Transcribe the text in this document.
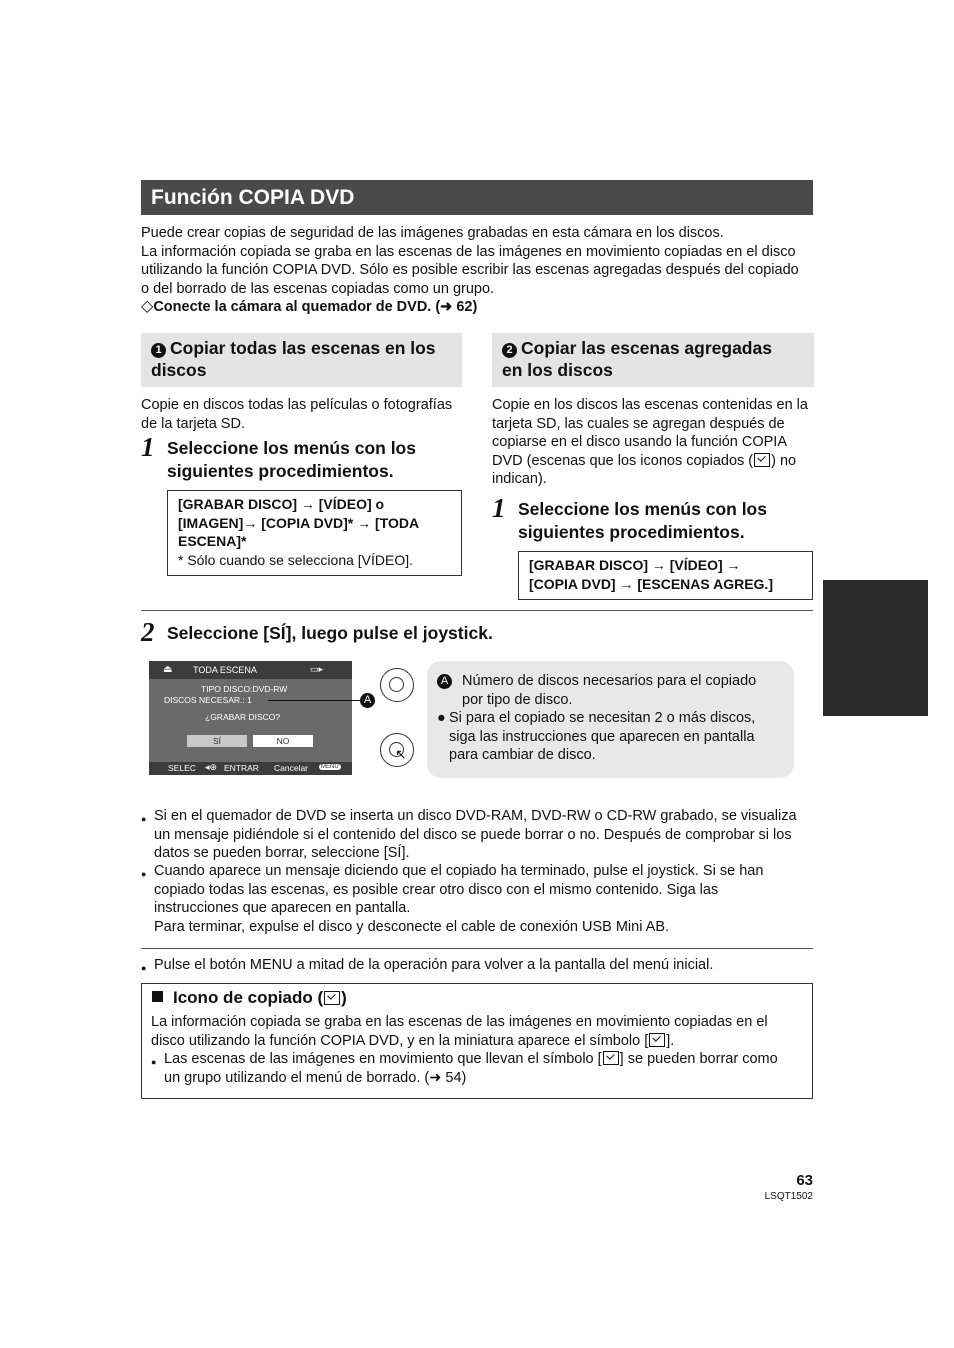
Función COPIA DVD
Puede crear copias de seguridad de las imágenes grabadas en esta cámara en los discos.
La información copiada se graba en las escenas de las imágenes en movimiento copiadas en el disco
utilizando la función COPIA DVD. Sólo es posible escribir las escenas agregadas después del copiado
o del borrado de las escenas copiadas como un grupo.
◇Conecte la cámara al quemador de DVD. (➜ 62)
1 Copiar todas las escenas en los
discos
Copie en discos todas las películas o fotografías
de la tarjeta SD.
1 Seleccione los menús con los
siguientes procedimientos.
[GRABAR DISCO] → [VÍDEO] o
[IMAGEN]→ [COPIA DVD]* → [TODA
ESCENA]*
* Sólo cuando se selecciona [VÍDEO].
2 Copiar las escenas agregadas
en los discos
Copie en los discos las escenas contenidas en la
tarjeta SD, las cuales se agregan después de
copiarse en el disco usando la función COPIA
DVD (escenas que los iconos copiados ( ) no
indican).
1 Seleccione los menús con los
siguientes procedimientos.
[GRABAR DISCO] → [VÍDEO] →
[COPIA DVD] → [ESCENAS AGREG.]
2 Seleccione [SÍ], luego pulse el joystick.
⏏ TODA ESCENA	▭▸
TIPO DISCO:DVD-RW
DISCOS NECESAR.: 1
¿GRABAR DISCO?
SÍ	NO
SELEC ◂⊕ ENTRAR Cancelar	MENU
A
↖
A Número de discos necesarios para el copiado
por tipo de disco.
● Si para el copiado se necesitan 2 o más discos,
siga las instrucciones que aparecen en pantalla
para cambiar de disco.
● Si en el quemador de DVD se inserta un disco DVD-RAM, DVD-RW o CD-RW grabado, se visualiza
un mensaje pidiéndole si el contenido del disco se puede borrar o no. Después de comprobar si los
datos se pueden borrar, seleccione [SÍ].
● Cuando aparece un mensaje diciendo que el copiado ha terminado, pulse el joystick. Si se han
copiado todas las escenas, es posible crear otro disco con el mismo contenido. Siga las
instrucciones que aparecen en pantalla.
Para terminar, expulse el disco y desconecte el cable de conexión USB Mini AB.
● Pulse el botón MENU a mitad de la operación para volver a la pantalla del menú inicial.
Icono de copiado ( )
La información copiada se graba en las escenas de las imágenes en movimiento copiadas en el
disco utilizando la función COPIA DVD, y en la miniatura aparece el símbolo [ ].
● Las escenas de las imágenes en movimiento que llevan el símbolo [ ] se pueden borrar como
un grupo utilizando el menú de borrado. (➜ 54)
63
LSQT1502
